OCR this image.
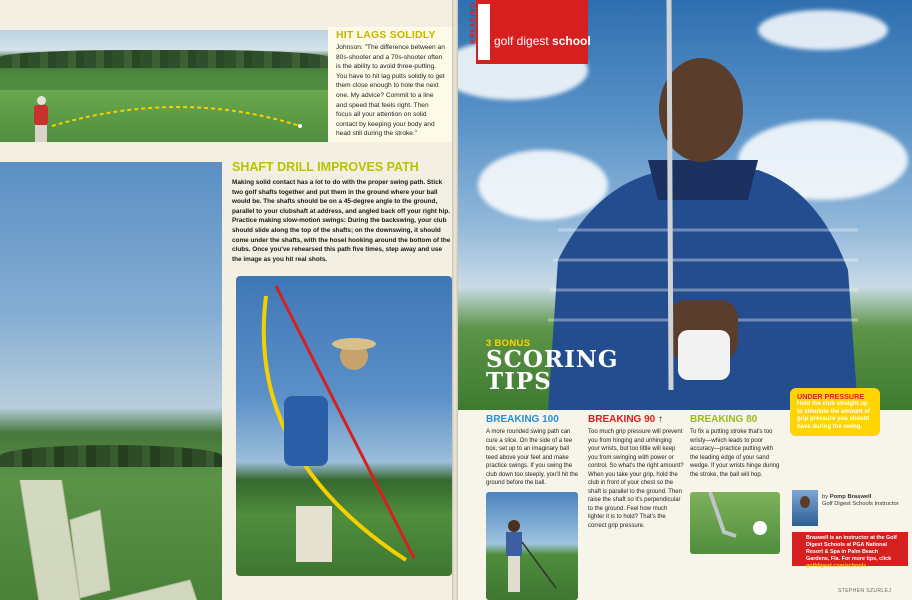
HIT LAGS SOLIDLY

Johnson: "The difference between an 80s-shooter and a 70s-shooter often is the ability to avoid three-putting. You have to hit lag putts solidly to get them close enough to hole the next one. My advice? Commit to a line and speed that feels right. Then focus all your attention on solid contact by keeping your body and head still during the stroke."

SHAFT DRILL IMPROVES PATH

Making solid contact has a lot to do with the proper swing path. Stick two golf shafts together and put them in the ground where your ball would be. The shafts should be on a 45-degree angle to the ground, parallel to your clubshaft at address, and angled back off your right hip. Practice making slow-motion swings: During the backswing, your club should slide along the top of the shafts; on the downswing, it should come under the shafts, with the hosel hooking around the bottom of the clubs. Once you've rehearsed this path five times, step away and use the image as you hit real shots.

BREAKING golf digest school
3 BONUS
SCORING
TIPS
UNDER PRESSURE

Hold the club straight up to simulate the amount of grip pressure you should have during the swing.

BREAKING 100

A more rounded swing path can cure a slice. On the side of a tee box, set up to an imaginary ball teed above your feet and make practice swings. If you swing the club down too steeply, you'll hit the ground before the ball.

BREAKING 90 ↑

Too much grip pressure will prevent you from hinging and unhinging your wrists, but too little will keep you from swinging with power or control. So what's the right amount? When you take your grip, hold the club in front of your chest so the shaft is parallel to the ground. Then raise the shaft so it's perpendicular to the ground. Feel how much lighter it is to hold? That's the correct grip pressure.

BREAKING 80

To fix a putting stroke that's too wristy—which leads to poor accuracy—practice putting with the leading edge of your sand wedge. If your wrists hinge during the stroke, the ball will hop.

by Pomp Braswell
Golf Digest Schools Instructor

Braswell is an instructor at the Golf Digest Schools at PGA National Resort & Spa in Palm Beach Gardens, Fla. For more tips, click golfdigest.com/schools.

STEPHEN SZURLEJ
